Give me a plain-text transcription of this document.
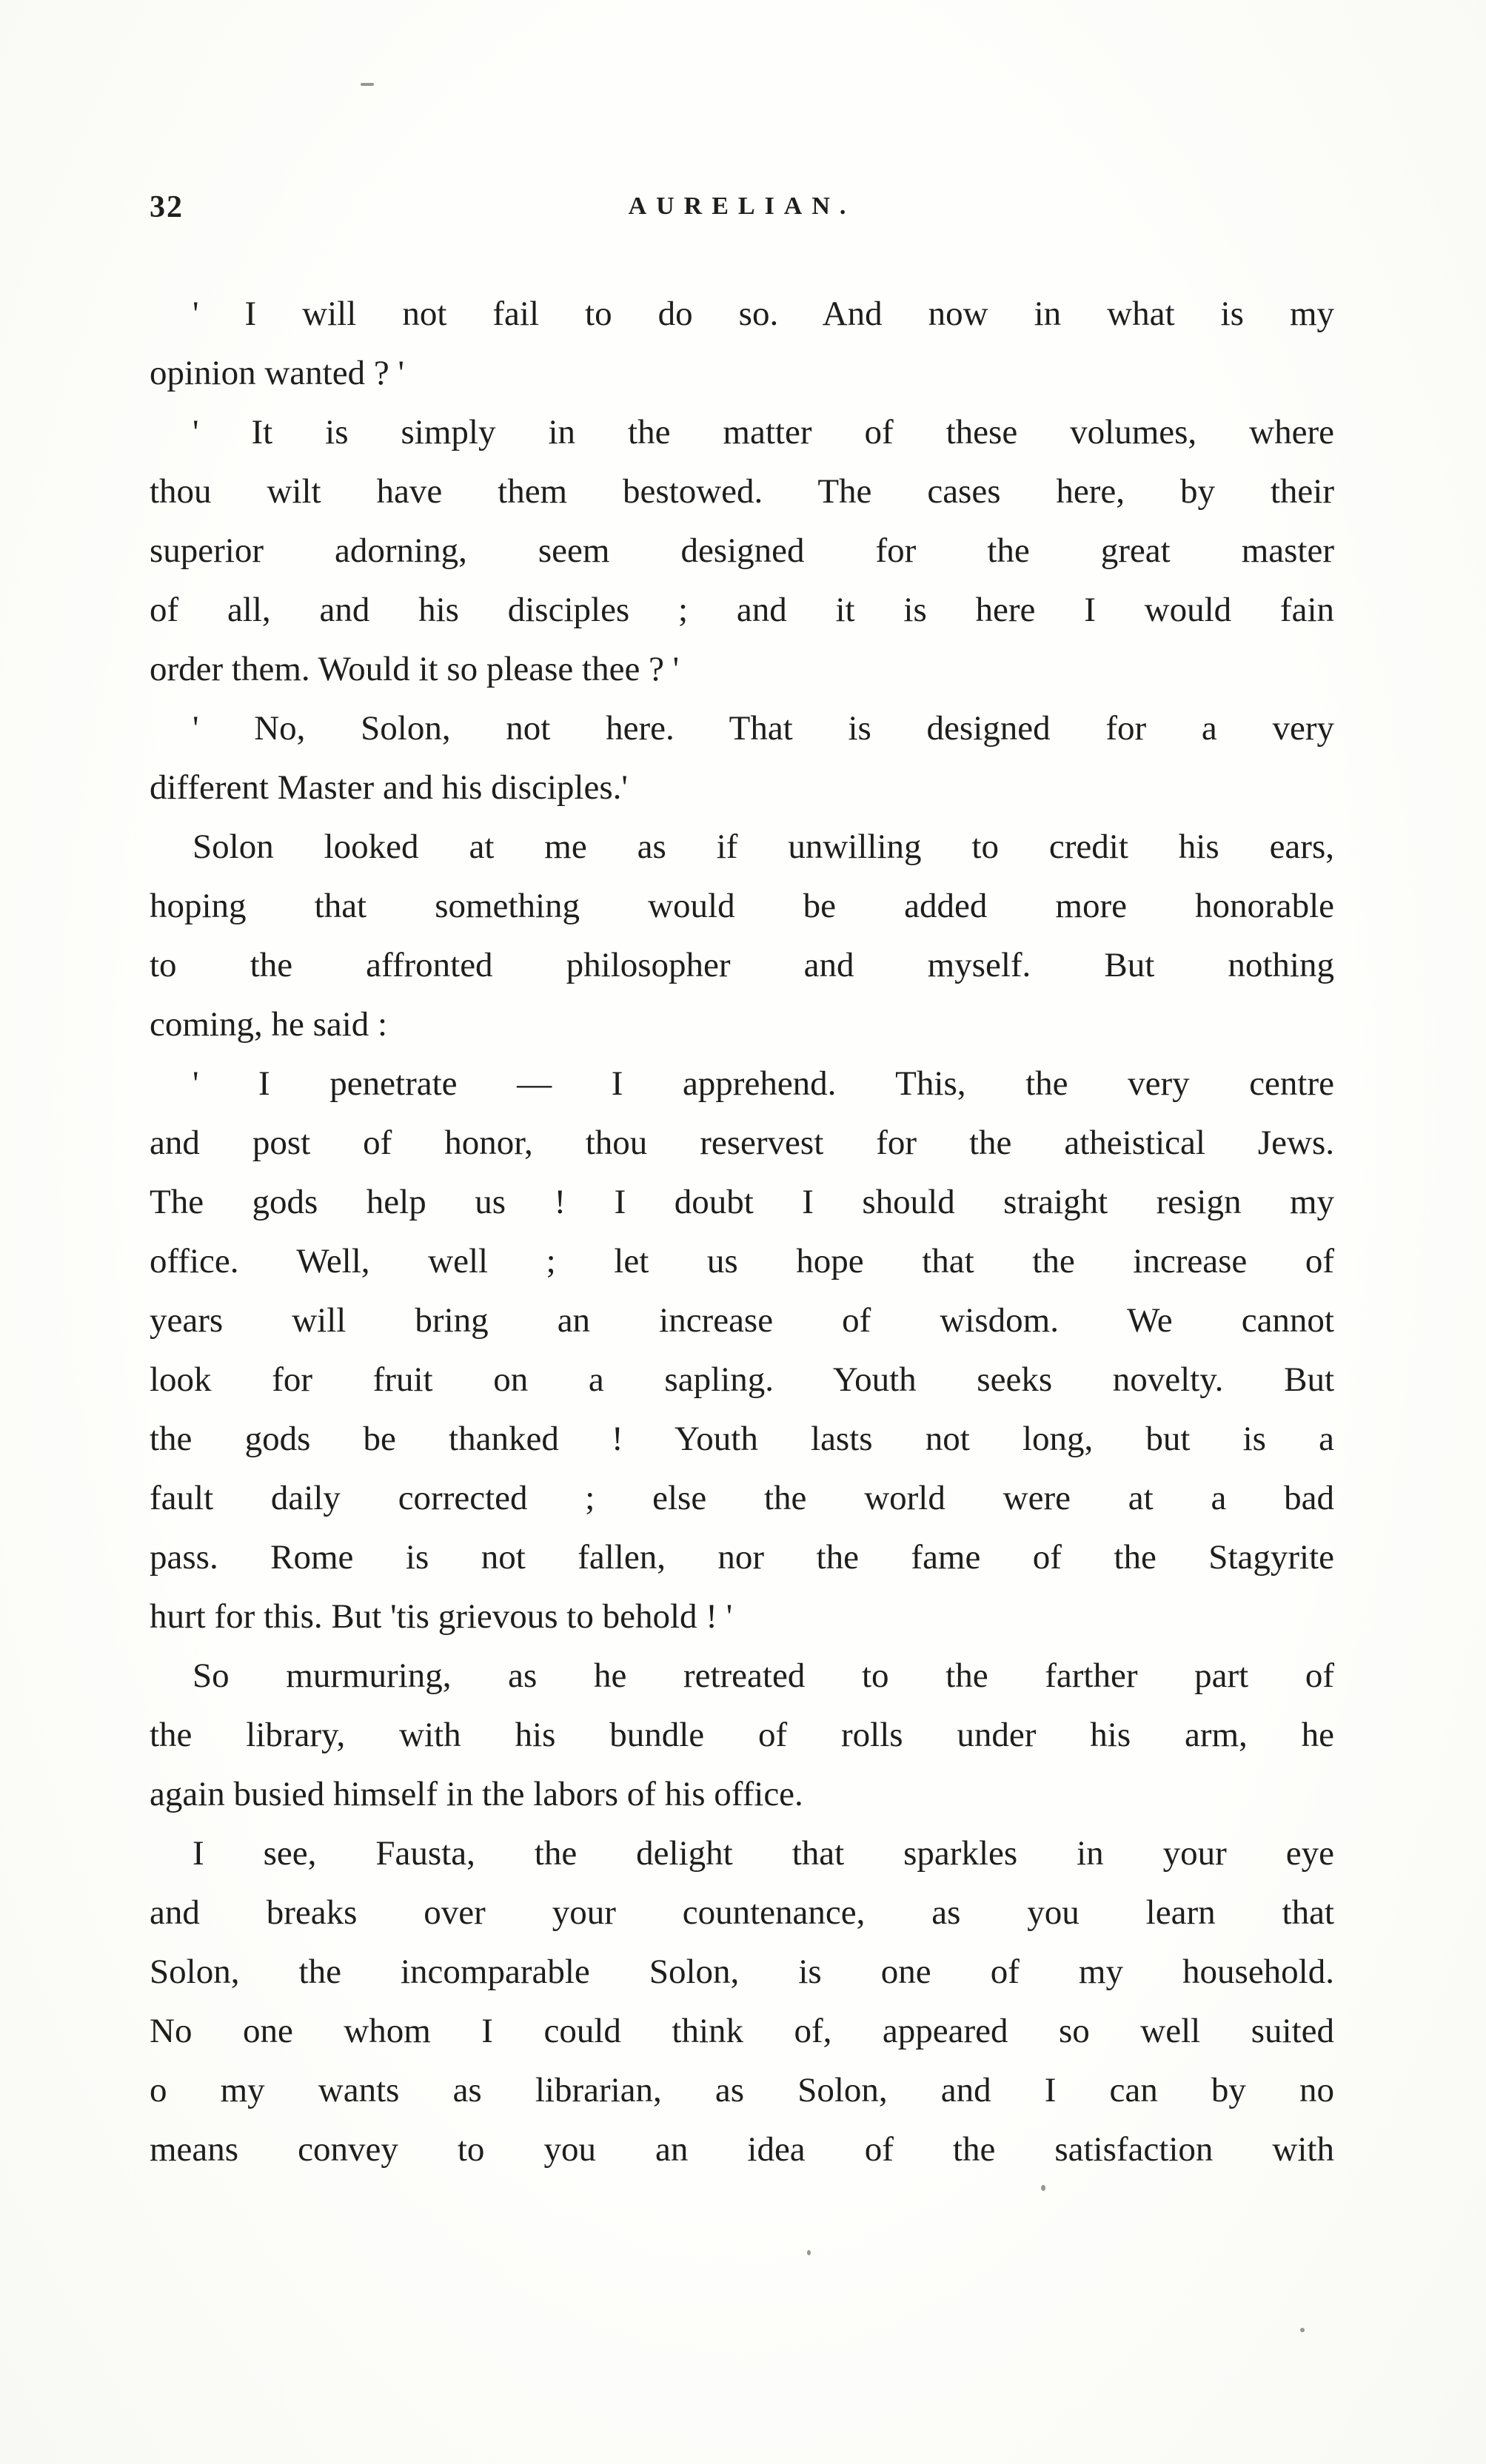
32	AURELIAN.

' I will not fail to do so. And now in what is my
opinion wanted ? '

' It is simply in the matter of these volumes, where
thou wilt have them bestowed. The cases here, by their
superior adorning, seem designed for the great master
of all, and his disciples ; and it is here I would fain
order them. Would it so please thee ? '

' No, Solon, not here. That is designed for a very
different Master and his disciples.'

Solon looked at me as if unwilling to credit his ears,
hoping that something would be added more honorable
to the affronted philosopher and myself. But nothing
coming, he said :

' I penetrate — I apprehend. This, the very centre
and post of honor, thou reservest for the atheistical Jews.
The gods help us ! I doubt I should straight resign my
office. Well, well ; let us hope that the increase of
years will bring an increase of wisdom. We cannot
look for fruit on a sapling. Youth seeks novelty. But
the gods be thanked ! Youth lasts not long, but is a
fault daily corrected ; else the world were at a bad
pass. Rome is not fallen, nor the fame of the Stagyrite
hurt for this. But 'tis grievous to behold ! '

So murmuring, as he retreated to the farther part of
the library, with his bundle of rolls under his arm, he
again busied himself in the labors of his office.

I see, Fausta, the delight that sparkles in your eye
and breaks over your countenance, as you learn that
Solon, the incomparable Solon, is one of my household.
No one whom I could think of, appeared so well suited
o my wants as librarian, as Solon, and I can by no
means convey to you an idea of the satisfaction with
